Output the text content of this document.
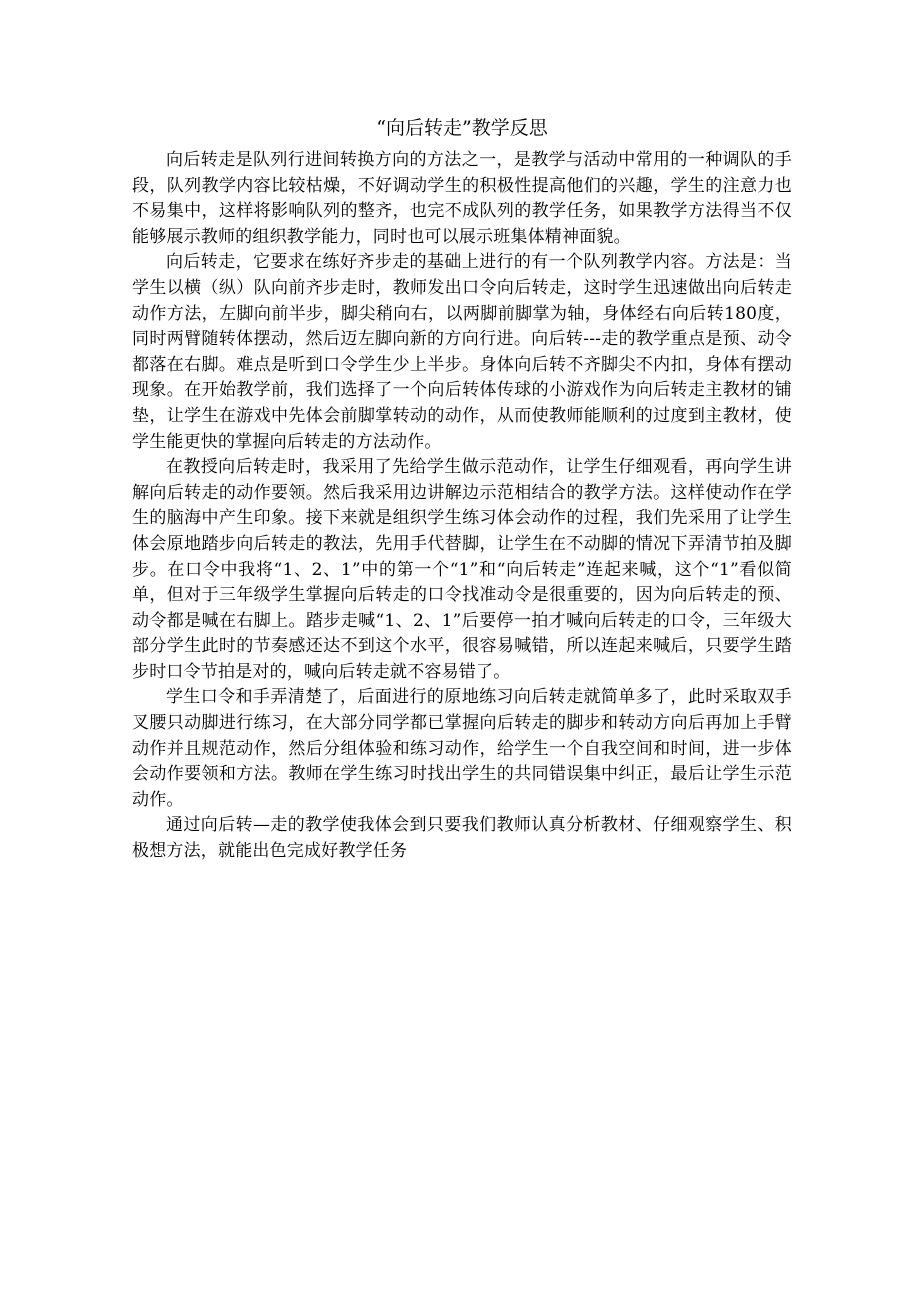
“向后转走”教学反思

向后转走是队列行进间转换方向的方法之一，是教学与活动中常用的一种调队的手段，队列教学内容比较枯燥，不好调动学生的积极性提高他们的兴趣，学生的注意力也不易集中，这样将影响队列的整齐，也完不成队列的教学任务，如果教学方法得当不仅能够展示教师的组织教学能力，同时也可以展示班集体精神面貌。

向后转走，它要求在练好齐步走的基础上进行的有一个队列教学内容。方法是：当学生以横（纵）队向前齐步走时，教师发出口令向后转走，这时学生迅速做出向后转走动作方法，左脚向前半步，脚尖稍向右，以两脚前脚掌为轴，身体经右向后转180度，同时两臂随转体摆动，然后迈左脚向新的方向行进。向后转---走的教学重点是预、动令都落在右脚。难点是听到口令学生少上半步。身体向后转不齐脚尖不内扣，身体有摆动现象。在开始教学前，我们选择了一个向后转体传球的小游戏作为向后转走主教材的铺垫，让学生在游戏中先体会前脚掌转动的动作，从而使教师能顺利的过度到主教材，使学生能更快的掌握向后转走的方法动作。

在教授向后转走时，我采用了先给学生做示范动作，让学生仔细观看，再向学生讲解向后转走的动作要领。然后我采用边讲解边示范相结合的教学方法。这样使动作在学生的脑海中产生印象。接下来就是组织学生练习体会动作的过程，我们先采用了让学生体会原地踏步向后转走的教法，先用手代替脚，让学生在不动脚的情况下弄清节拍及脚步。在口令中我将“1、2、1”中的第一个“1”和“向后转走”连起来喊，这个“1”看似简单，但对于三年级学生掌握向后转走的口令找准动令是很重要的，因为向后转走的预、动令都是喊在右脚上。踏步走喊“1、2、1”后要停一拍才喊向后转走的口令，三年级大部分学生此时的节奏感还达不到这个水平，很容易喊错，所以连起来喊后，只要学生踏步时口令节拍是对的，喊向后转走就不容易错了。

学生口令和手弄清楚了，后面进行的原地练习向后转走就简单多了，此时采取双手叉腰只动脚进行练习，在大部分同学都已掌握向后转走的脚步和转动方向后再加上手臂动作并且规范动作，然后分组体验和练习动作，给学生一个自我空间和时间，进一步体会动作要领和方法。教师在学生练习时找出学生的共同错误集中纠正，最后让学生示范动作。

通过向后转—走的教学使我体会到只要我们教师认真分析教材、仔细观察学生、积极想方法，就能出色完成好教学任务
